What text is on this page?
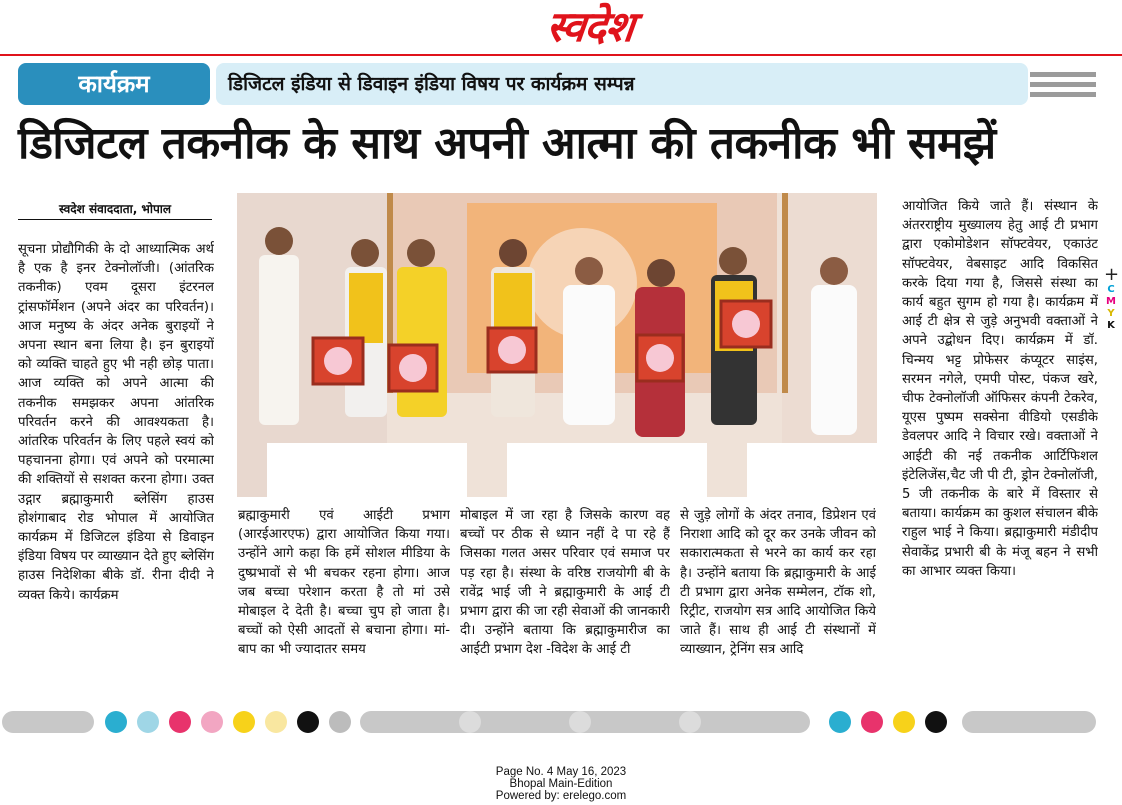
स्वदेश
कार्यक्रम	डिजिटल इंडिया से डिवाइन इंडिया विषय पर कार्यक्रम सम्पन्न
डिजिटल तकनीक के साथ अपनी आत्मा की तकनीक भी समझें
स्वदेश संवाददाता, भोपाल
सूचना प्रोद्यौगिकी के दो आध्यात्मिक अर्थ है एक है इनर टेक्नोलॉजी। (आंतरिक तकनीक) एवम दूसरा इंटरनल ट्रांसफॉर्मेशन (अपने अंदर का परिवर्तन)। आज मनुष्य के अंदर अनेक बुराइयों ने अपना स्थान बना लिया है। इन बुराइयों को व्यक्ति चाहते हुए भी नही छोड़ पाता। आज व्यक्ति को अपने आत्मा की तकनीक समझकर अपना आंतरिक परिवर्तन करने की आवश्यकता है। आंतरिक परिवर्तन के लिए पहले स्वयं को पहचानना होगा। एवं अपने को परमात्मा की शक्तियों से सशक्त करना होगा। उक्त उद्गार ब्रह्माकुमारी ब्लेसिंग हाउस होशंगाबाद रोड भोपाल में आयोजित कार्यक्रम में डिजिटल इंडिया से डिवाइन इंडिया विषय पर व्याख्यान देते हुए ब्लेसिंग हाउस निदेशिका बीके डॉ. रीना दीदी ने व्यक्त किये। कार्यक्रम
ब्रह्माकुमारी एवं आईटी प्रभाग (आरईआरएफ) द्वारा आयोजित किया गया। उन्होंने आगे कहा कि हमें सोशल मीडिया के दुष्प्रभावों से भी बचकर रहना होगा। आज जब बच्चा परेशान करता है तो मां उसे मोबाइल दे देती है। बच्चा चुप हो जाता है। बच्चों को ऐसी आदतों से बचाना होगा। मां-बाप का भी ज्यादातर समय
मोबाइल में जा रहा है जिसके कारण वह बच्चों पर ठीक से ध्यान नहीं दे पा रहे हैं जिसका गलत असर परिवार एवं समाज पर पड़ रहा है। संस्था के वरिष्ठ राजयोगी बी के रावेंद्र भाई जी ने ब्रह्माकुमारी के आई टी प्रभाग द्वारा की जा रही सेवाओं की जानकारी दी। उन्होंने बताया कि ब्रह्माकुमारीज का आईटी प्रभाग देश -विदेश के आई टी
से जुड़े लोगों के अंदर तनाव, डिप्रेशन एवं निराशा आदि को दूर कर उनके जीवन को सकारात्मकता से भरने का कार्य कर रहा है। उन्होंने बताया कि ब्रह्माकुमारी के आई टी प्रभाग द्वारा अनेक सम्मेलन, टॉक शो, रिट्रीट, राजयोग सत्र आदि आयोजित किये जाते हैं। साथ ही आई टी संस्थानों में व्याख्यान, ट्रेनिंग सत्र आदि
आयोजित किये जाते हैं। संस्थान के अंतरराष्ट्रीय मुख्यालय हेतु आई टी प्रभाग द्वारा एकोमोडेशन सॉफ्टवेयर, एकाउंट सॉफ्टवेयर, वेबसाइट आदि विकसित करके दिया गया है, जिससे संस्था का कार्य बहुत सुगम हो गया है। कार्यक्रम में आई टी क्षेत्र से जुड़े अनुभवी वक्ताओं ने अपने उद्बोधन दिए। कार्यक्रम में डॉ. चिन्मय भट्ट प्रोफेसर कंप्यूटर साइंस, सरमन नगेले, एमपी पोस्ट, पंकज खरे, चीफ टेक्नोलॉजी ऑफिसर कंपनी टेकरेव, यूएस पुष्पम सक्सेना वीडियो एसडीके डेवलपर आदि ने विचार रखे। वक्ताओं ने आईटी की नई तकनीक आर्टिफिशल इंटेलिजेंस,चैट जी पी टी, ड्रोन टेक्नोलॉजी, 5 जी तकनीक के बारे में विस्तार से बताया। कार्यक्रम का कुशल संचालन बीके राहुल भाई ने किया। ब्रह्माकुमारी मंडीदीप सेवाकेंद्र प्रभारी बी के मंजू बहन ने सभी का आभार व्यक्त किया।
+
C
M
Y
K
Page No. 4 May 16, 2023
Bhopal Main-Edition
Powered by: erelego.com
